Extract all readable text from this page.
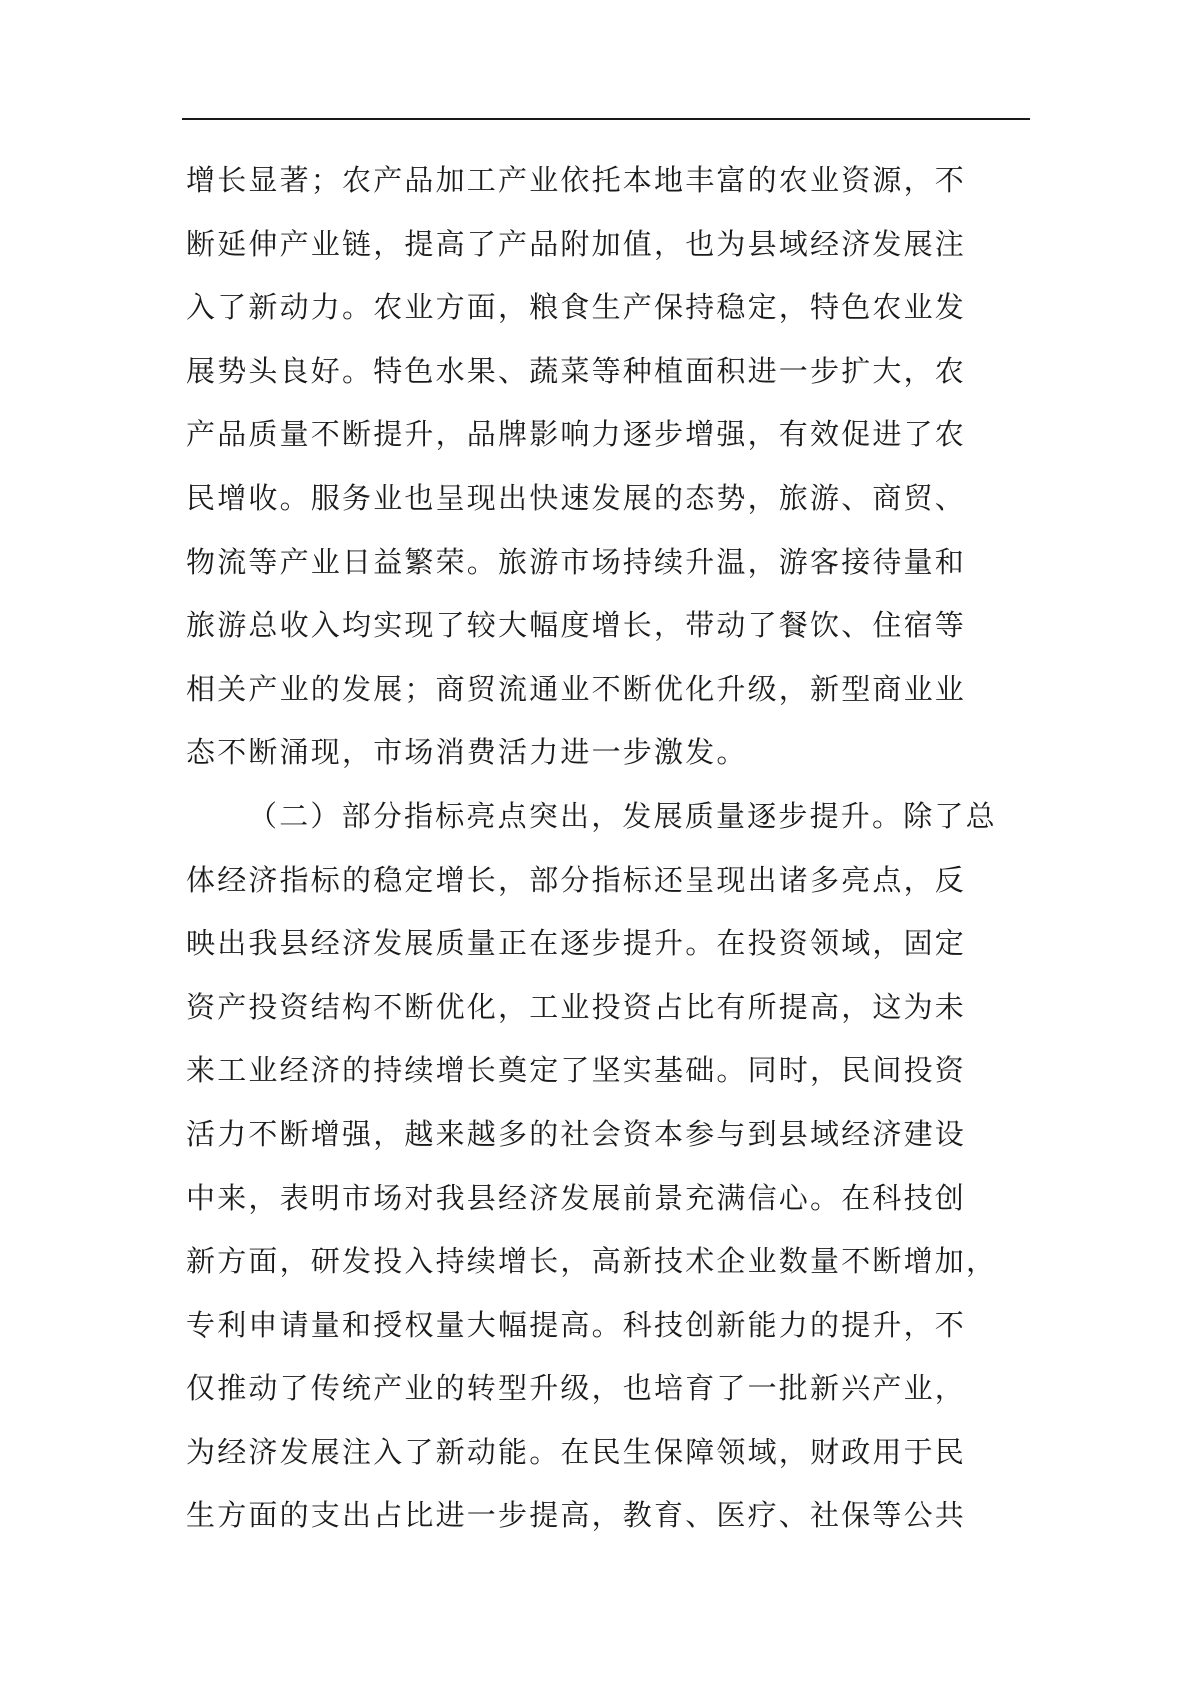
增长显著；农产品加工产业依托本地丰富的农业资源，不
断延伸产业链，提高了产品附加值，也为县域经济发展注
入了新动力。农业方面，粮食生产保持稳定，特色农业发
展势头良好。特色水果、蔬菜等种植面积进一步扩大，农
产品质量不断提升，品牌影响力逐步增强，有效促进了农
民增收。服务业也呈现出快速发展的态势，旅游、商贸、
物流等产业日益繁荣。旅游市场持续升温，游客接待量和
旅游总收入均实现了较大幅度增长，带动了餐饮、住宿等
相关产业的发展；商贸流通业不断优化升级，新型商业业
态不断涌现，市场消费活力进一步激发。
（二）部分指标亮点突出，发展质量逐步提升。除了总
体经济指标的稳定增长，部分指标还呈现出诸多亮点，反
映出我县经济发展质量正在逐步提升。在投资领域，固定
资产投资结构不断优化，工业投资占比有所提高，这为未
来工业经济的持续增长奠定了坚实基础。同时，民间投资
活力不断增强，越来越多的社会资本参与到县域经济建设
中来，表明市场对我县经济发展前景充满信心。在科技创
新方面，研发投入持续增长，高新技术企业数量不断增加，
专利申请量和授权量大幅提高。科技创新能力的提升，不
仅推动了传统产业的转型升级，也培育了一批新兴产业，
为经济发展注入了新动能。在民生保障领域，财政用于民
生方面的支出占比进一步提高，教育、医疗、社保等公共
